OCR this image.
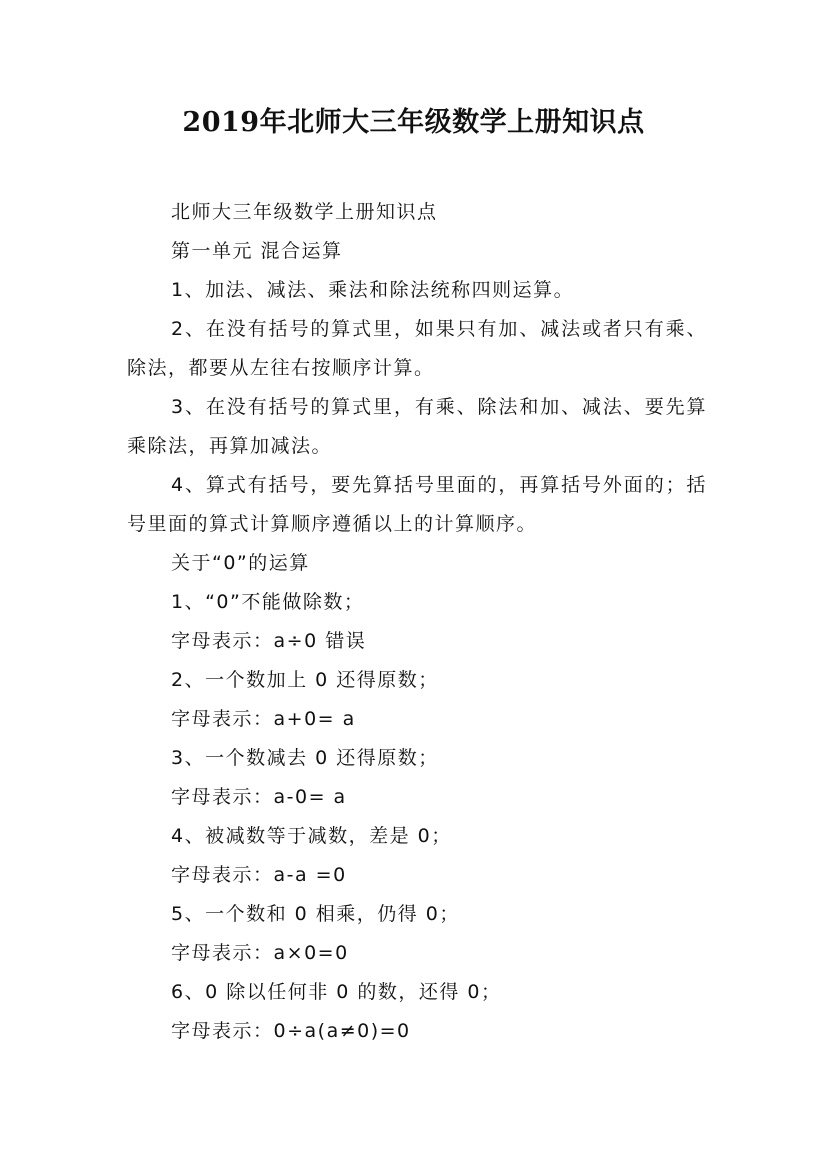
2019年北师大三年级数学上册知识点

北师大三年级数学上册知识点

第一单元 混合运算

1、加法、减法、乘法和除法统称四则运算。

2、在没有括号的算式里，如果只有加、减法或者只有乘、除法，都要从左往右按顺序计算。

3、在没有括号的算式里，有乘、除法和加、减法、要先算乘除法，再算加减法。

4、算式有括号，要先算括号里面的，再算括号外面的；括号里面的算式计算顺序遵循以上的计算顺序。

关于“0”的运算

1、“0”不能做除数；

字母表示：a÷0 错误

2、一个数加上 0 还得原数；

字母表示：a+0= a

3、一个数减去 0 还得原数；

字母表示：a-0= a

4、被减数等于减数，差是 0；

字母表示：a-a =0

5、一个数和 0 相乘，仍得 0；

字母表示：a×0=0

6、0 除以任何非 0 的数，还得 0；

字母表示：0÷a(a≠0)=0
